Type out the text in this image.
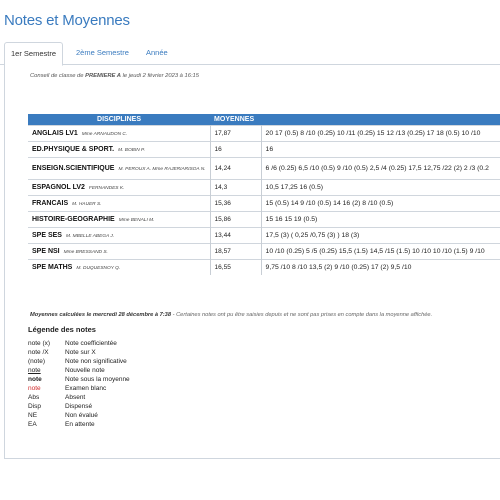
Notes et Moyennes
1er Semestre	2ème Semestre Année
Conseil de classe de PREMIERE A le jeudi 2 février 2023 à 16:15
DISCIPLINES	MOYENNES	
ANGLAIS LV1 Mme ARNAUDON C.	17,87	20 17 (0.5) 8 /10 (0.25) 10 /11 (0.25) 15 12 /13 (0.25) 17 18 (0.5) 10 /10
ED.PHYSIQUE & SPORT. M. BOBIN P.	16	16
ENSEIGN.SCIENTIFIQUE M. PEROUX A. Mme RAJERIARISOA N.	14,24	6 /6 (0.25) 6,5 /10 (0.5) 9 /10 (0.5) 2,5 /4 (0.25) 17,5 12,75 /22 (2) 2 /3 (0.2
ESPAGNOL LV2 FERNANDES K.	14,3	10,5 17,25 16 (0.5)
FRANCAIS M. HAUER S.	15,36	15 (0.5) 14 9 /10 (0.5) 14 16 (2) 8 /10 (0.5)
HISTOIRE-GEOGRAPHIE Mme BENALI M.	15,86	15 16 15 19 (0.5)
SPE SES M. MBELLE ABEGA J.	13,44	17,5 (3) ( 0,25 /0,75 (3) ) 18 (3)
SPE NSI Mme BRESSAND S.	18,57	10 /10 (0.25) 5 /5 (0.25) 15,5 (1.5) 14,5 /15 (1.5) 10 /10 10 /10 (1.5) 9 /10
SPE MATHS M. DUQUESNOY Q.	16,55	9,75 /10 8 /10 13,5 (2) 9 /10 (0.25) 17 (2) 9,5 /10
Moyennes calculées le mercredi 28 décembre à 7:38 - Certaines notes ont pu être saisies depuis et ne sont pas prises en compte dans la moyenne affichée.
Légende des notes
note (x) Note coefficientée
note /X	Note sur X
(note)	Note non significative
note	Nouvelle note
note	Note sous la moyenne
note	Examen blanc
Abs	Absent
Disp	Dispensé
NE	Non évalué
EA	En attente
